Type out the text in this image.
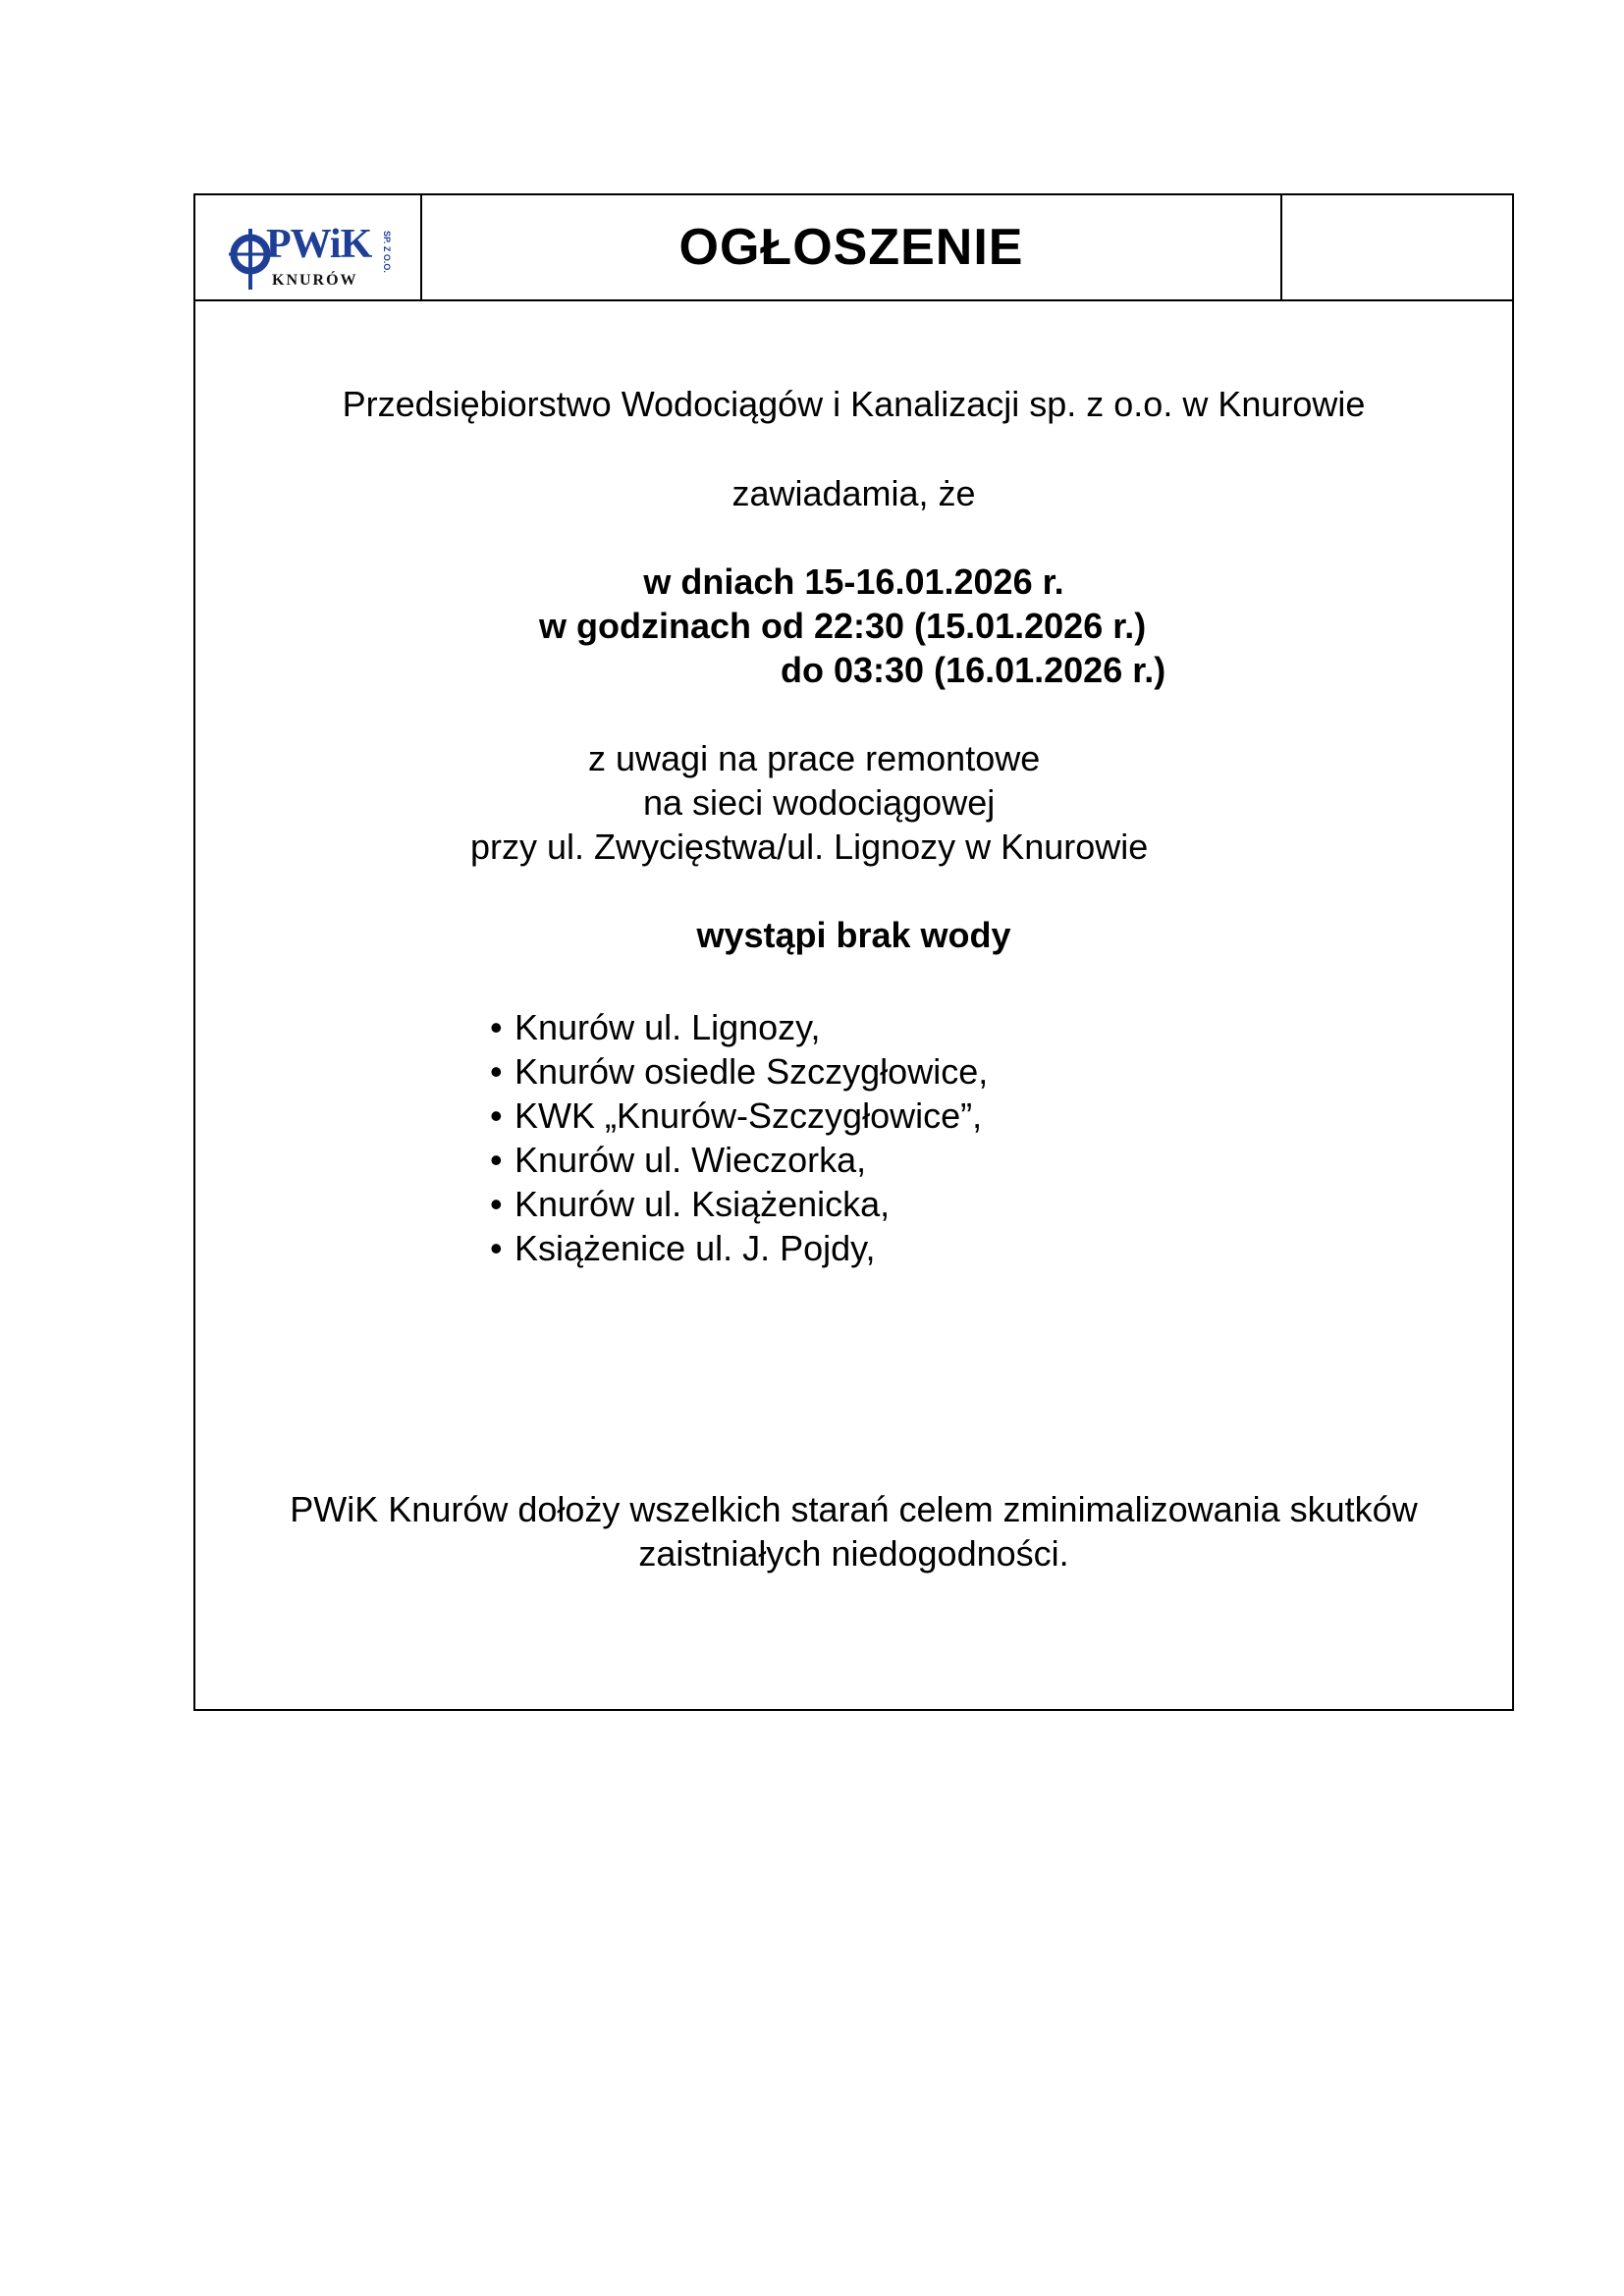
PWiK
KNURÓW
SP. Z O.O.	OGŁOSZENIE
Przedsiębiorstwo Wodociągów i Kanalizacji sp. z o.o. w Knurowie
zawiadamia, że
w dniach 15-16.01.2026 r.
w godzinach od 22:30 (15.01.2026 r.)
do 03:30 (16.01.2026 r.)
z uwagi na prace remontowe
na sieci wodociągowej
przy ul. Zwycięstwa/ul. Lignozy w Knurowie
wystąpi brak wody
• Knurów ul. Lignozy,
• Knurów osiedle Szczygłowice,
• KWK „Knurów-Szczygłowice”,
• Knurów ul. Wieczorka,
• Knurów ul. Książenicka,
• Książenice ul. J. Pojdy,
PWiK Knurów dołoży wszelkich starań celem zminimalizowania skutków
zaistniałych niedogodności.
